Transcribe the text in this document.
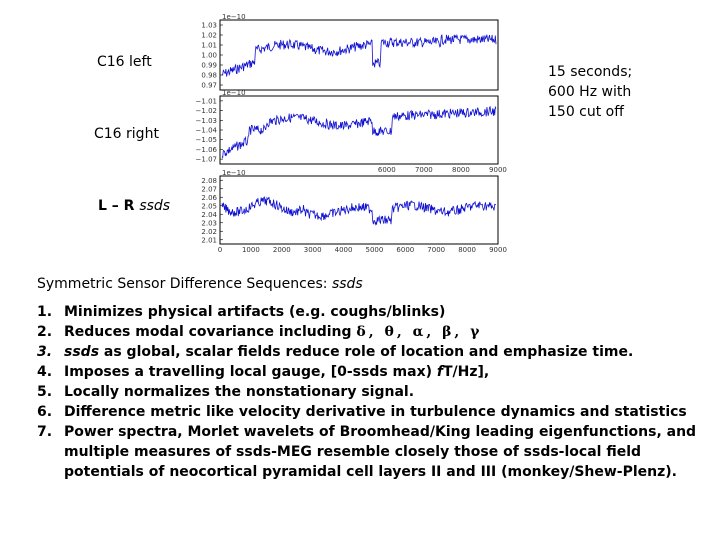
C16 left
C16 right
L – R ssds
15 seconds;
600 Hz with
150 cut off
1e−10
1.03
1.02
1.01
1.00
0.99
0.98
0.97
1e−10
−1.01
−1.02
−1.03
−1.04
−1.05
−1.06
−1.07
6000	7000	8000	9000
1e−10
2.08
2.07
2.06
2.05
2.04
2.03
2.02
2.01
0	1000 2000 3000 4000 5000 6000 7000 8000 9000
Symmetric Sensor Difference Sequences: ssds
1. Minimizes physical artifacts (e.g. coughs/blinks)
2. Reduces modal covariance including δ, θ, α, β, γ
3. ssds as global, scalar fields reduce role of location and emphasize time.
4. Imposes a travelling local gauge, [0-ssds max) fT/Hz],
5. Locally normalizes the nonstationary signal.
6. Difference metric like velocity derivative in turbulence dynamics and statistics
7. Power spectra, Morlet wavelets of Broomhead/King leading eigenfunctions, and multiple measures of ssds-MEG resemble closely those of ssds-local field potentials of neocortical pyramidal cell layers II and III (monkey/Shew-Plenz).
